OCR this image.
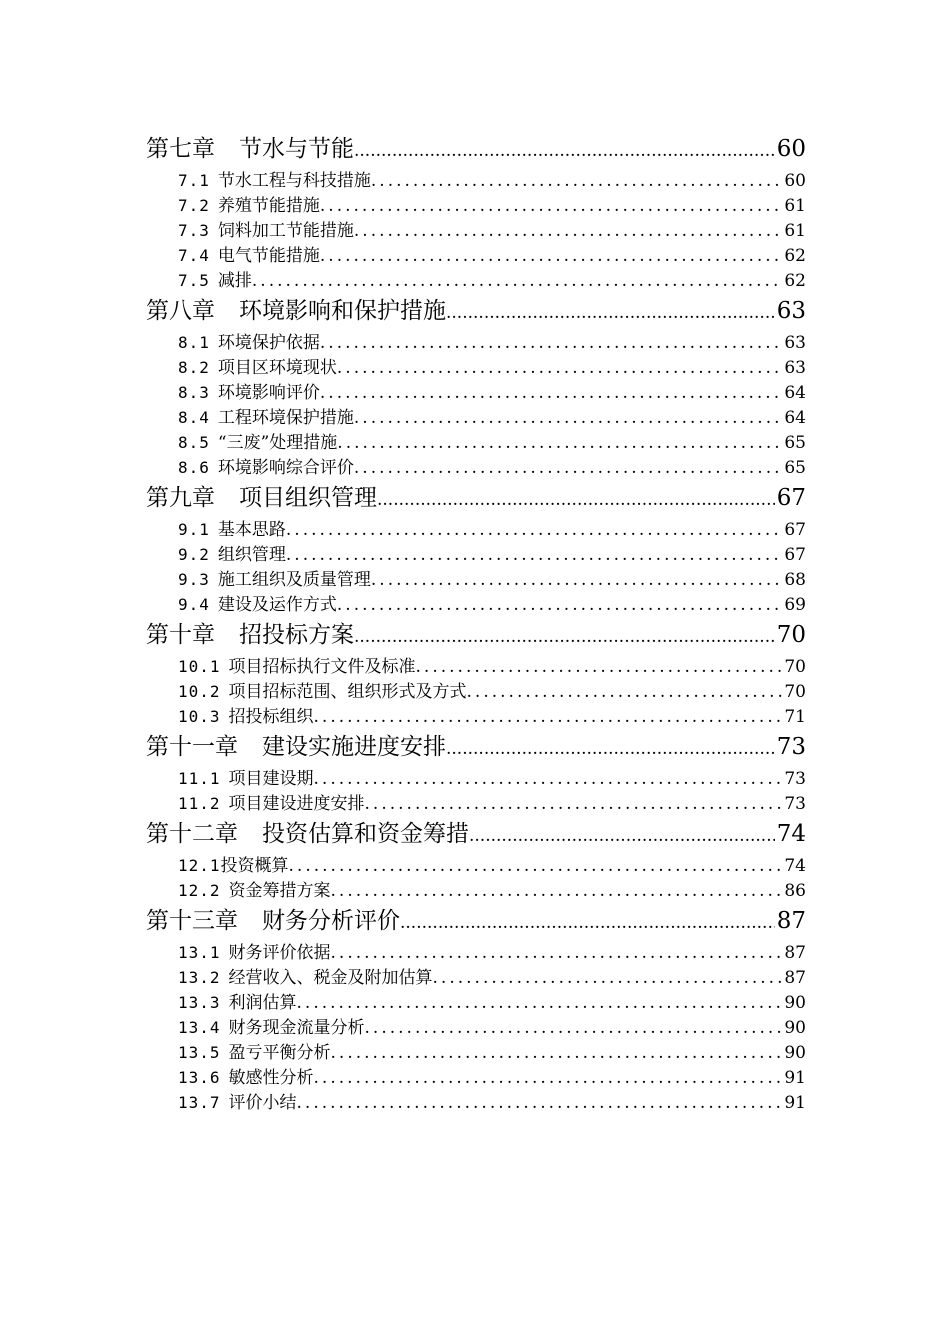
第七章	节水与节能 .....	60
7.1 节水工程与科技措施 .....	60
7.2 养殖节能措施 .....	61
7.3 饲料加工节能措施 .....	61
7.4 电气节能措施 .....	62
7.5 减排 .....	62
第八章	环境影响和保护措施 .....	63
8.1 环境保护依据 .....	63
8.2 项目区环境现状 .....	63
8.3 环境影响评价 .....	64
8.4 工程环境保护措施 .....	64
8.5 “三废”处理措施 .....	65
8.6 环境影响综合评价 .....	65
第九章	项目组织管理 .....	67
9.1 基本思路 .....	67
9.2 组织管理 .....	67
9.3 施工组织及质量管理 .....	68
9.4 建设及运作方式 .....	69
第十章	招投标方案 .....	70
10.1 项目招标执行文件及标准 .....	70
10.2 项目招标范围、组织形式及方式 .....	70
10.3 招投标组织 .....	71
第十一章	建设实施进度安排 .....	73
11.1 项目建设期 .....	73
11.2 项目建设进度安排 .....	73
第十二章	投资估算和资金筹措 .....	74
12.1 投资概算 .....	74
12.2 资金筹措方案 .....	86
第十三章	财务分析评价 .....	87
13.1 财务评价依据 .....	87
13.2 经营收入、税金及附加估算 .....	87
13.3 利润估算 .....	90
13.4 财务现金流量分析 .....	90
13.5 盈亏平衡分析 .....	90
13.6 敏感性分析 .....	91
13.7 评价小结 .....	91
